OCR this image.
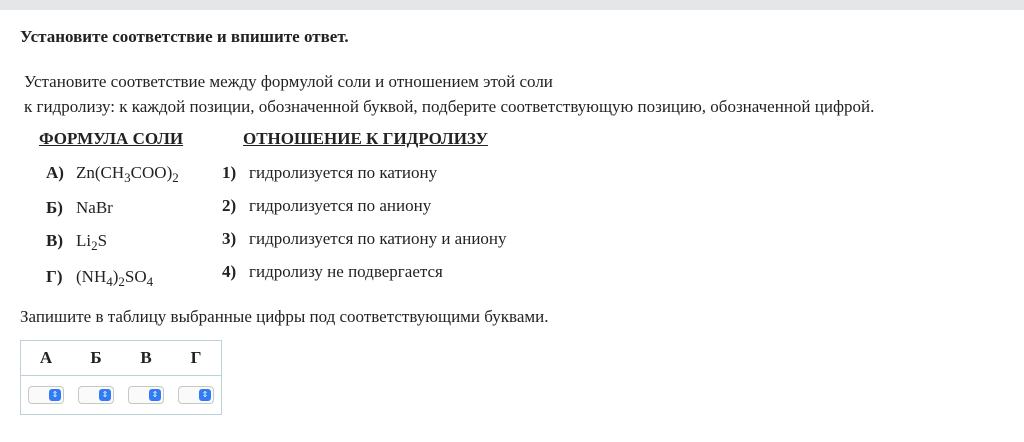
Установите соответствие и впишите ответ.
Установите соответствие между формулой соли и отношением этой соли
к гидролизу: к каждой позиции, обозначенной буквой, подберите соответствующую позицию, обозначенной цифрой.
ФОРМУЛА СОЛИ	ОТНОШЕНИЕ К ГИДРОЛИЗУ
А) $Zn(CH_3COO)_2$
Б) NaBr
В) $Li_2S$
Г) $(NH_4)_2SO_4$
1) гидролизуется по катиону
2) гидролизуется по аниону
3) гидролизуется по катиону и аниону
4) гидролизу не подвергается
Запишите в таблицу выбранные цифры под соответствующими буквами.
А	Б	В	Г

⇕	⇕	⇕	⇕
